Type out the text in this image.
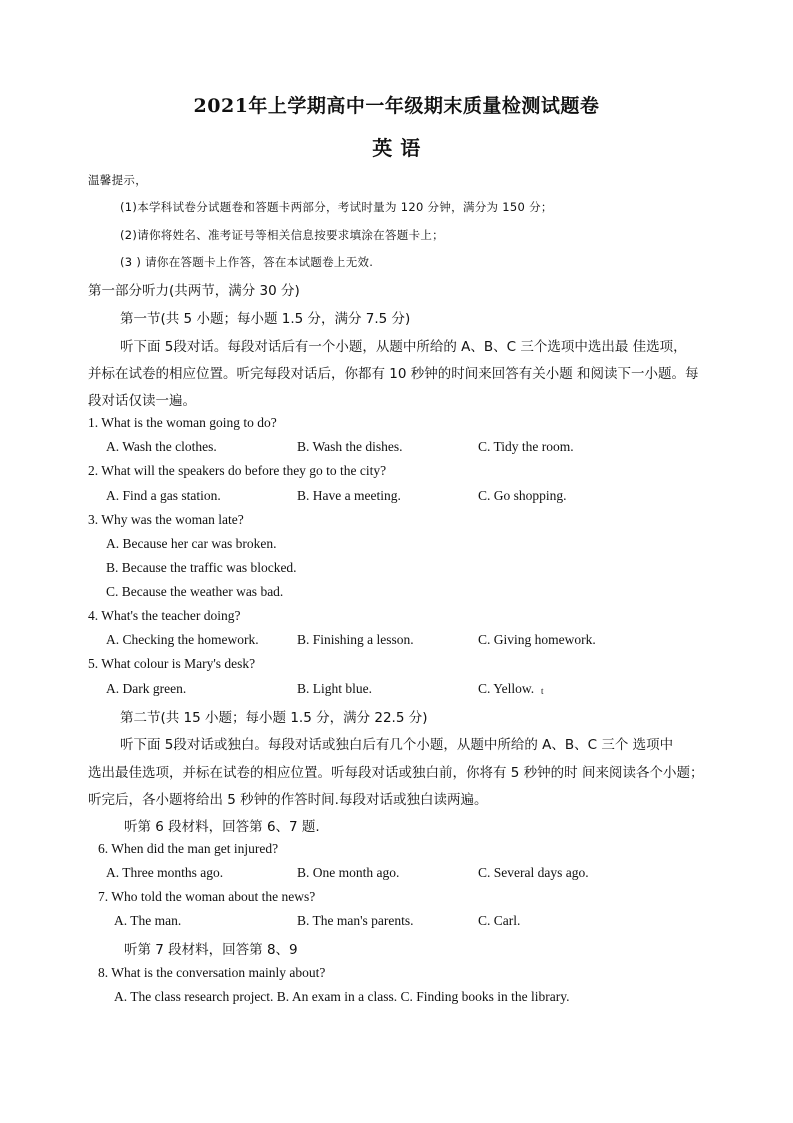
2021年上学期高中一年级期末质量检测试题卷
英 语
温馨提示，
(1)本学科试卷分试题卷和答题卡两部分，考试时量为 120 分钟，满分为 150 分；
(2)请你将姓名、准考证号等相关信息按要求填涂在答题卡上；
(3 ) 请你在答题卡上作答，答在本试题卷上无效.
第一部分听力(共两节，满分 30 分)
第一节(共 5 小题；每小题 1.5 分，满分 7.5 分)
听下面 5段对话。每段对话后有一个小题，从题中所给的 A、B、C 三个选项中选出最 佳选项，
并标在试卷的相应位置。听完每段对话后，你都有 10 秒钟的时间来回答有关小题 和阅读下一小题。每
段对话仅读一遍。
1. What is the woman going to do?
A. Wash the clothes.	B. Wash the dishes.	C. Tidy the room.
2. What will the speakers do before they go to the city?
A. Find a gas station.	B. Have a meeting.	C. Go shopping.
3. Why was the woman late?
A. Because her car was broken.
B. Because the traffic was blocked.
C. Because the weather was bad.
4. What's the teacher doing?
A. Checking the homework.	B. Finishing a lesson.	C. Giving homework.
5. What colour is Mary's desk?
A. Dark green.	B. Light blue.	C. Yellow. t
第二节(共 15 小题；每小题 1.5 分，满分 22.5 分)
听下面 5段对话或独白。每段对话或独白后有几个小题，从题中所给的 A、B、C 三个 选项中
选出最佳选项，并标在试卷的相应位置。听每段对话或独白前，你将有 5 秒钟的时 间来阅读各个小题；
听完后，各小题将给出 5 秒钟的作答时间.每段对话或独白读两遍。
听第 6 段材料，回答第 6、7 题.
6. When did the man get injured?
A. Three months ago.	B. One month ago.	C. Several days ago.
7. Who told the woman about the news?
A. The man.	B. The man's parents.	C. Carl.
听第 7 段材料，回答第 8、9
8. What is the conversation mainly about?
A. The class research project. B. An exam in a class. C. Finding books in the library.
